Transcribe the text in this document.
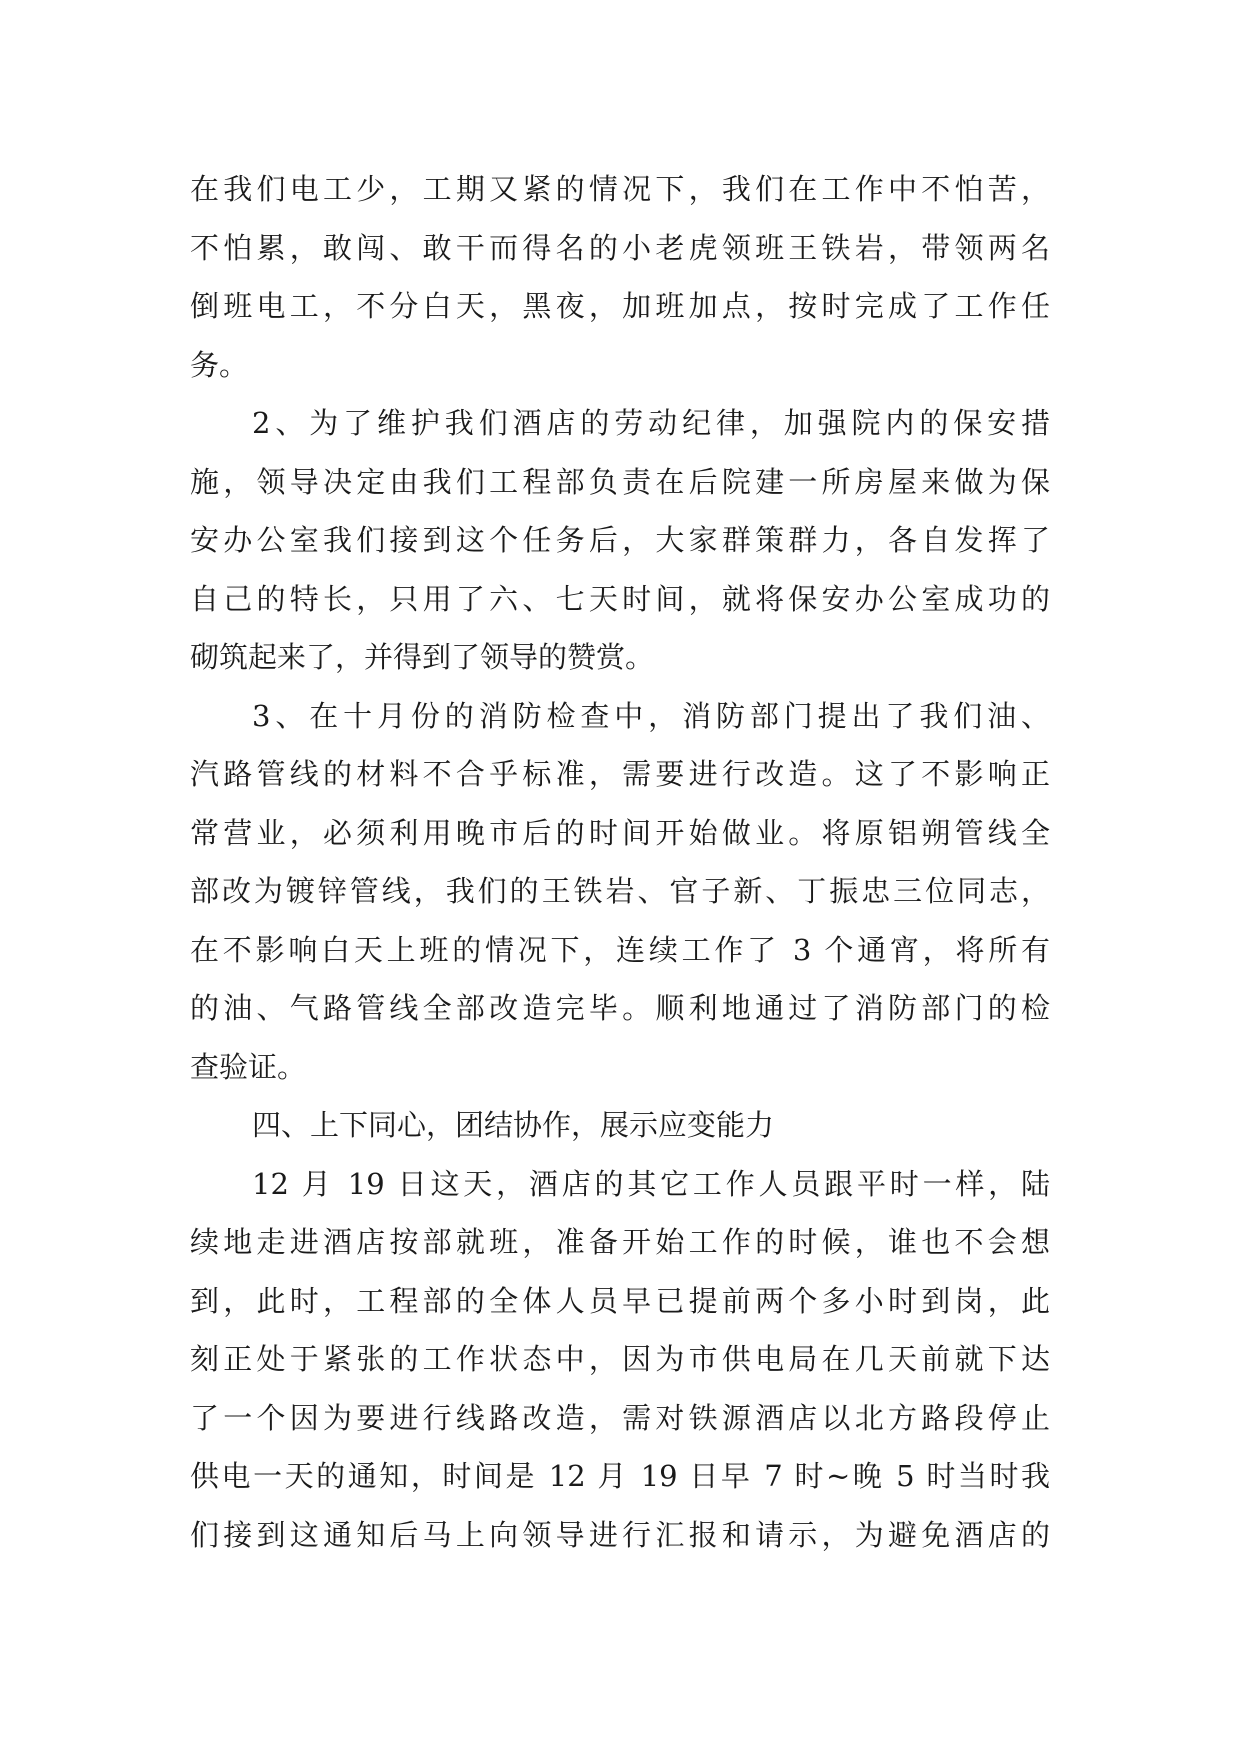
在我们电工少，工期又紧的情况下，我们在工作中不怕苦，
不怕累，敢闯、敢干而得名的小老虎领班王铁岩，带领两名
倒班电工，不分白天，黑夜，加班加点，按时完成了工作任
务。
2、为了维护我们酒店的劳动纪律，加强院内的保安措
施，领导决定由我们工程部负责在后院建一所房屋来做为保
安办公室我们接到这个任务后，大家群策群力，各自发挥了
自己的特长，只用了六、七天时间，就将保安办公室成功的
砌筑起来了，并得到了领导的赞赏。
3、在十月份的消防检查中，消防部门提出了我们油、
汽路管线的材料不合乎标准，需要进行改造。这了不影响正
常营业，必须利用晚市后的时间开始做业。将原铝朔管线全
部改为镀锌管线，我们的王铁岩、官子新、丁振忠三位同志，
在不影响白天上班的情况下，连续工作了 3 个通宵，将所有
的油、气路管线全部改造完毕。顺利地通过了消防部门的检
查验证。
四、上下同心，团结协作，展示应变能力
12 月 19 日这天，酒店的其它工作人员跟平时一样，陆
续地走进酒店按部就班，准备开始工作的时候，谁也不会想
到，此时，工程部的全体人员早已提前两个多小时到岗，此
刻正处于紧张的工作状态中，因为市供电局在几天前就下达
了一个因为要进行线路改造，需对铁源酒店以北方路段停止
供电一天的通知，时间是 12 月 19 日早 7 时~晚 5 时当时我
们接到这通知后马上向领导进行汇报和请示，为避免酒店的
